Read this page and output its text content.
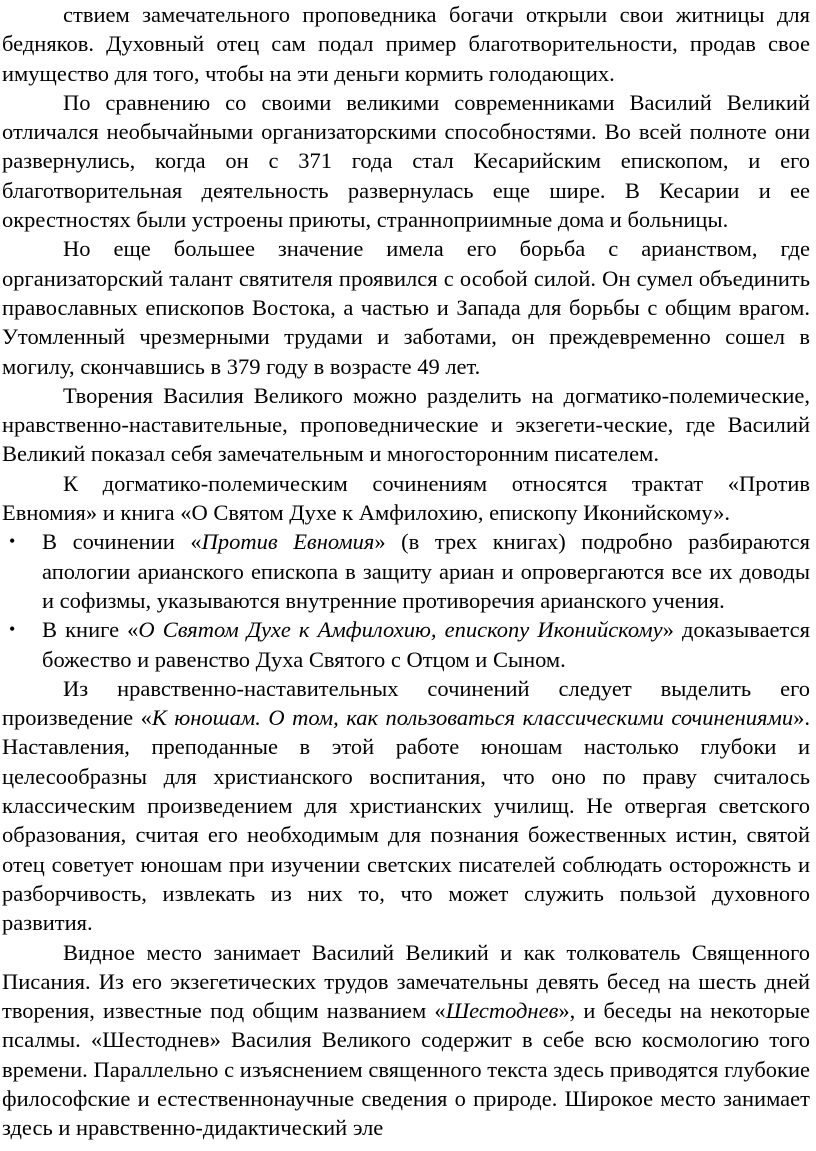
ствием замечательного проповедника богачи открыли свои житницы для бедняков. Духовный отец сам подал пример благотворительности, продав свое имущество для того, чтобы на эти деньги кормить голодающих.

По сравнению со своими великими современниками Василий Великий отличался необычайными организаторскими способностями. Во всей полноте они развернулись, когда он с 371 года стал Кесарийским епископом, и его благотворительная деятельность развернулась еще шире. В Кесарии и ее окрестностях были устроены приюты, странноприимные дома и больницы.

Но еще большее значение имела его борьба с арианством, где организаторский талант святителя проявился с особой силой. Он сумел объединить православных епископов Востока, а частью и Запада для борьбы с общим врагом. Утомленный чрезмерными трудами и заботами, он преждевременно сошел в могилу, скончавшись в 379 году в возрасте 49 лет.

Творения Василия Великого можно разделить на догматико-полемические, нравственно-наставительные, проповеднические и экзегети-ческие, где Василий Великий показал себя замечательным и многосторонним писателем.

К догматико-полемическим сочинениям относятся трактат «Против Евномия» и книга «О Святом Духе к Амфилохию, епископу Иконийскому».

• В сочинении «Против Евномия» (в трех книгах) подробно разбираются апологии арианского епископа в защиту ариан и опровергаются все их доводы и софизмы, указываются внутренние противоречия арианского учения.
• В книге «О Святом Духе к Амфилохию, епископу Иконийскому» доказывается божество и равенство Духа Святого с Отцом и Сыном.

Из нравственно-наставительных сочинений следует выделить его произведение «К юношам. О том, как пользоваться классическими сочинениями». Наставления, преподанные в этой работе юношам настолько глубоки и целесообразны для христианского воспитания, что оно по праву считалось классическим произведением для христианских училищ. Не отвергая светского образования, считая его необходимым для познания божественных истин, святой отец советует юношам при изучении светских писателей соблюдать осторожнсть и разборчивость, извлекать из них то, что может служить пользой духовного развития.

Видное место занимает Василий Великий и как толкователь Священного Писания. Из его экзегетических трудов замечательны девять бесед на шесть дней творения, известные под общим названием «Шестоднев», и беседы на некоторые псалмы. «Шестоднев» Василия Великого содержит в себе всю космологию того времени. Параллельно с изъяснением священного текста здесь приводятся глубокие философские и естественнонаучные сведения о природе. Широкое место занимает здесь и нравственно-дидактический эле
